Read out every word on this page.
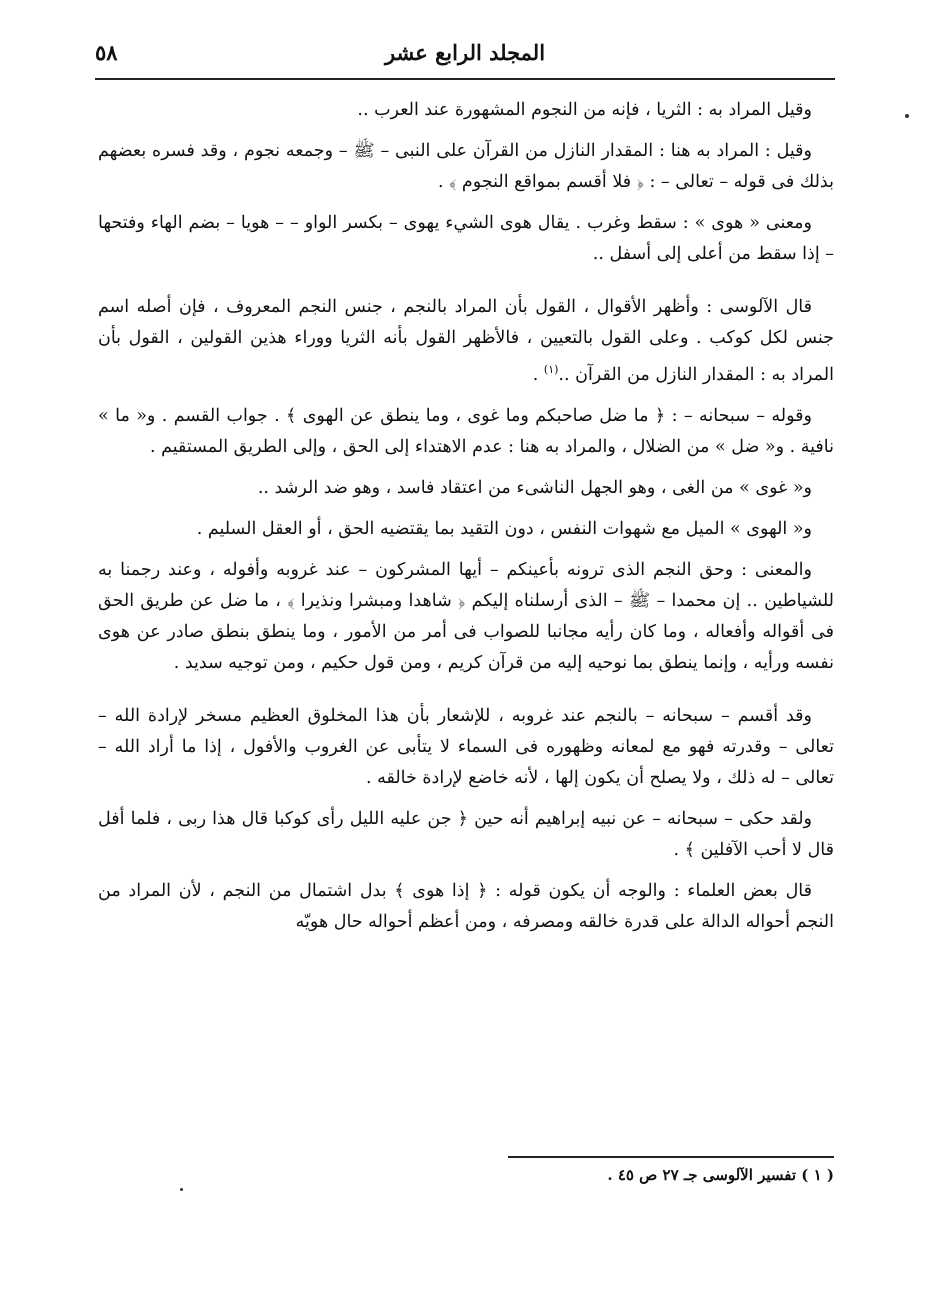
٥٨	المجلد الرابع عشر

وقيل المراد به : الثريا ، فإنه من النجوم المشهورة عند العرب ..

وقيل : المراد به هنا : المقدار النازل من القرآن على النبى – ﷺ – وجمعه نجوم ، وقد فسره بعضهم بذلك فى قوله – تعالى – : ﴿ فلا أقسم بمواقع النجوم ﴾ .

ومعنى « هوى » : سقط وغرب . يقال هوى الشيء يهوى – بكسر الواو – – هويا – بضم الهاء وفتحها – إذا سقط من أعلى إلى أسفل ..

قال الآلوسى : وأظهر الأقوال ، القول بأن المراد بالنجم ، جنس النجم المعروف ، فإن أصله اسم جنس لكل كوكب . وعلى القول بالتعيين ، فالأظهر القول بأنه الثريا ووراء هذين القولين ، القول بأن المراد به : المقدار النازل من القرآن ..$^{(١)}$ .

وقوله – سبحانه – : ﴿ ما ضل صاحبكم وما غوى ، وما ينطق عن الهوى ﴾ . جواب القسم . و« ما » نافية . و« ضل » من الضلال ، والمراد به هنا : عدم الاهتداء إلى الحق ، وإلى الطريق المستقيم .

و« غوى » من الغى ، وهو الجهل الناشىء من اعتقاد فاسد ، وهو ضد الرشد ..

و« الهوى » الميل مع شهوات النفس ، دون التقيد بما يقتضيه الحق ، أو العقل السليم .

والمعنى : وحق النجم الذى ترونه بأعينكم – أيها المشركون – عند غروبه وأفوله ، وعند رجمنا به للشياطين .. إن محمدا – ﷺ – الذى أرسلناه إليكم ﴿ شاهدا ومبشرا ونذيرا ﴾ ، ما ضل عن طريق الحق فى أقواله وأفعاله ، وما كان رأيه مجانبا للصواب فى أمر من الأمور ، وما ينطق بنطق صادر عن هوى نفسه ورأيه ، وإنما ينطق بما نوحيه إليه من قرآن كريم ، ومن قول حكيم ، ومن توجيه سديد .

وقد أقسم – سبحانه – بالنجم عند غروبه ، للإشعار بأن هذا المخلوق العظيم مسخر لإرادة الله – تعالى – وقدرته فهو مع لمعانه وظهوره فى السماء لا يتأبى عن الغروب والأفول ، إذا ما أراد الله – تعالى – له ذلك ، ولا يصلح أن يكون إلها ، لأنه خاضع لإرادة خالقه .

ولقد حكى – سبحانه – عن نبيه إبراهيم أنه حين ﴿ جن عليه الليل رأى كوكبا قال هذا ربى ، فلما أفل قال لا أحب الآفلين ﴾ .

قال بعض العلماء : والوجه أن يكون قوله : ﴿ إذا هوى ﴾ بدل اشتمال من النجم ، لأن المراد من النجم أحواله الدالة على قدرة خالقه ومصرفه ، ومن أعظم أحواله حال هويّه

( ١ ) تفسير الآلوسى جـ ٢٧ ص ٤٥ .
